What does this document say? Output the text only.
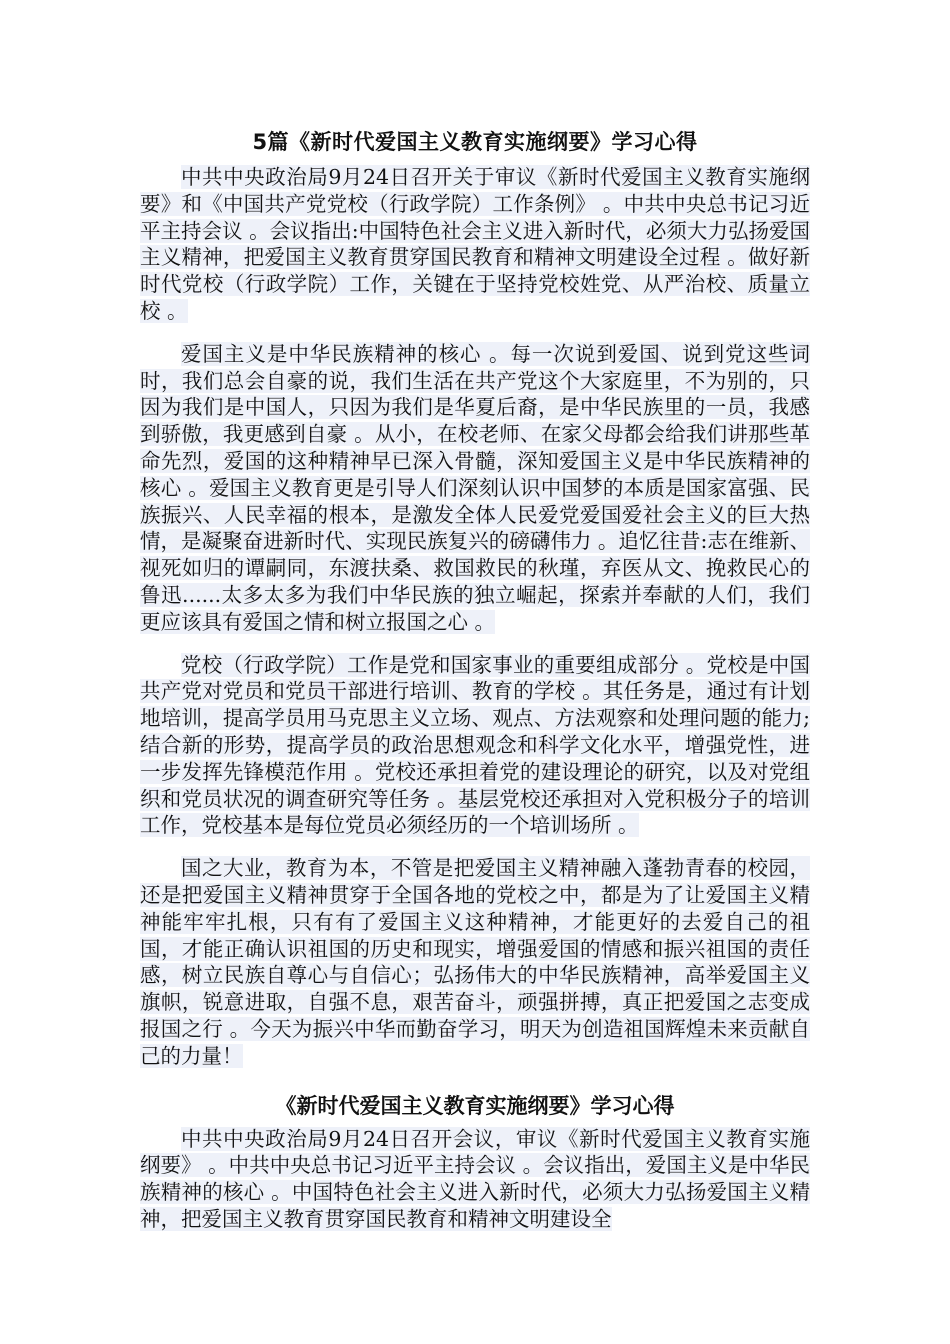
5篇《新时代爱国主义教育实施纲要》学习心得

中共中央政治局9月24日召开关于审议《新时代爱国主义教育实施纲要》和《中国共产党党校（行政学院）工作条例》 。中共中央总书记习近平主持会议 。会议指出:中国特色社会主义进入新时代，必须大力弘扬爱国主义精神，把爱国主义教育贯穿国民教育和精神文明建设全过程 。做好新时代党校（行政学院）工作，关键在于坚持党校姓党、从严治校、质量立校 。

爱国主义是中华民族精神的核心 。每一次说到爱国、说到党这些词时，我们总会自豪的说，我们生活在共产党这个大家庭里，不为别的，只因为我们是中国人，只因为我们是华夏后裔，是中华民族里的一员，我感到骄傲，我更感到自豪 。从小，在校老师、在家父母都会给我们讲那些革命先烈，爱国的这种精神早已深入骨髓，深知爱国主义是中华民族精神的核心 。爱国主义教育更是引导人们深刻认识中国梦的本质是国家富强、民族振兴、人民幸福的根本，是激发全体人民爱党爱国爱社会主义的巨大热情，是凝聚奋进新时代、实现民族复兴的磅礴伟力 。追忆往昔:志在维新、视死如归的谭嗣同，东渡扶桑、救国救民的秋瑾，弃医从文、挽救民心的鲁迅......太多太多为我们中华民族的独立崛起，探索并奉献的人们，我们更应该具有爱国之情和树立报国之心 。

党校（行政学院）工作是党和国家事业的重要组成部分 。党校是中国共产党对党员和党员干部进行培训、教育的学校 。其任务是，通过有计划地培训，提高学员用马克思主义立场、观点、方法观察和处理问题的能力;结合新的形势，提高学员的政治思想观念和科学文化水平，增强党性，进一步发挥先锋模范作用 。党校还承担着党的建设理论的研究，以及对党组织和党员状况的调查研究等任务 。基层党校还承担对入党积极分子的培训工作，党校基本是每位党员必须经历的一个培训场所 。

国之大业，教育为本，不管是把爱国主义精神融入蓬勃青春的校园，还是把爱国主义精神贯穿于全国各地的党校之中，都是为了让爱国主义精神能牢牢扎根，只有有了爱国主义这种精神，才能更好的去爱自己的祖国，才能正确认识祖国的历史和现实，增强爱国的情感和振兴祖国的责任感，树立民族自尊心与自信心；弘扬伟大的中华民族精神，高举爱国主义旗帜，锐意进取，自强不息，艰苦奋斗，顽强拼搏，真正把爱国之志变成报国之行 。今天为振兴中华而勤奋学习，明天为创造祖国辉煌未来贡献自己的力量！

《新时代爱国主义教育实施纲要》学习心得

中共中央政治局9月24日召开会议，审议《新时代爱国主义教育实施纲要》 。中共中央总书记习近平主持会议 。会议指出，爱国主义是中华民族精神的核心 。中国特色社会主义进入新时代，必须大力弘扬爱国主义精神，把爱国主义教育贯穿国民教育和精神文明建设全
